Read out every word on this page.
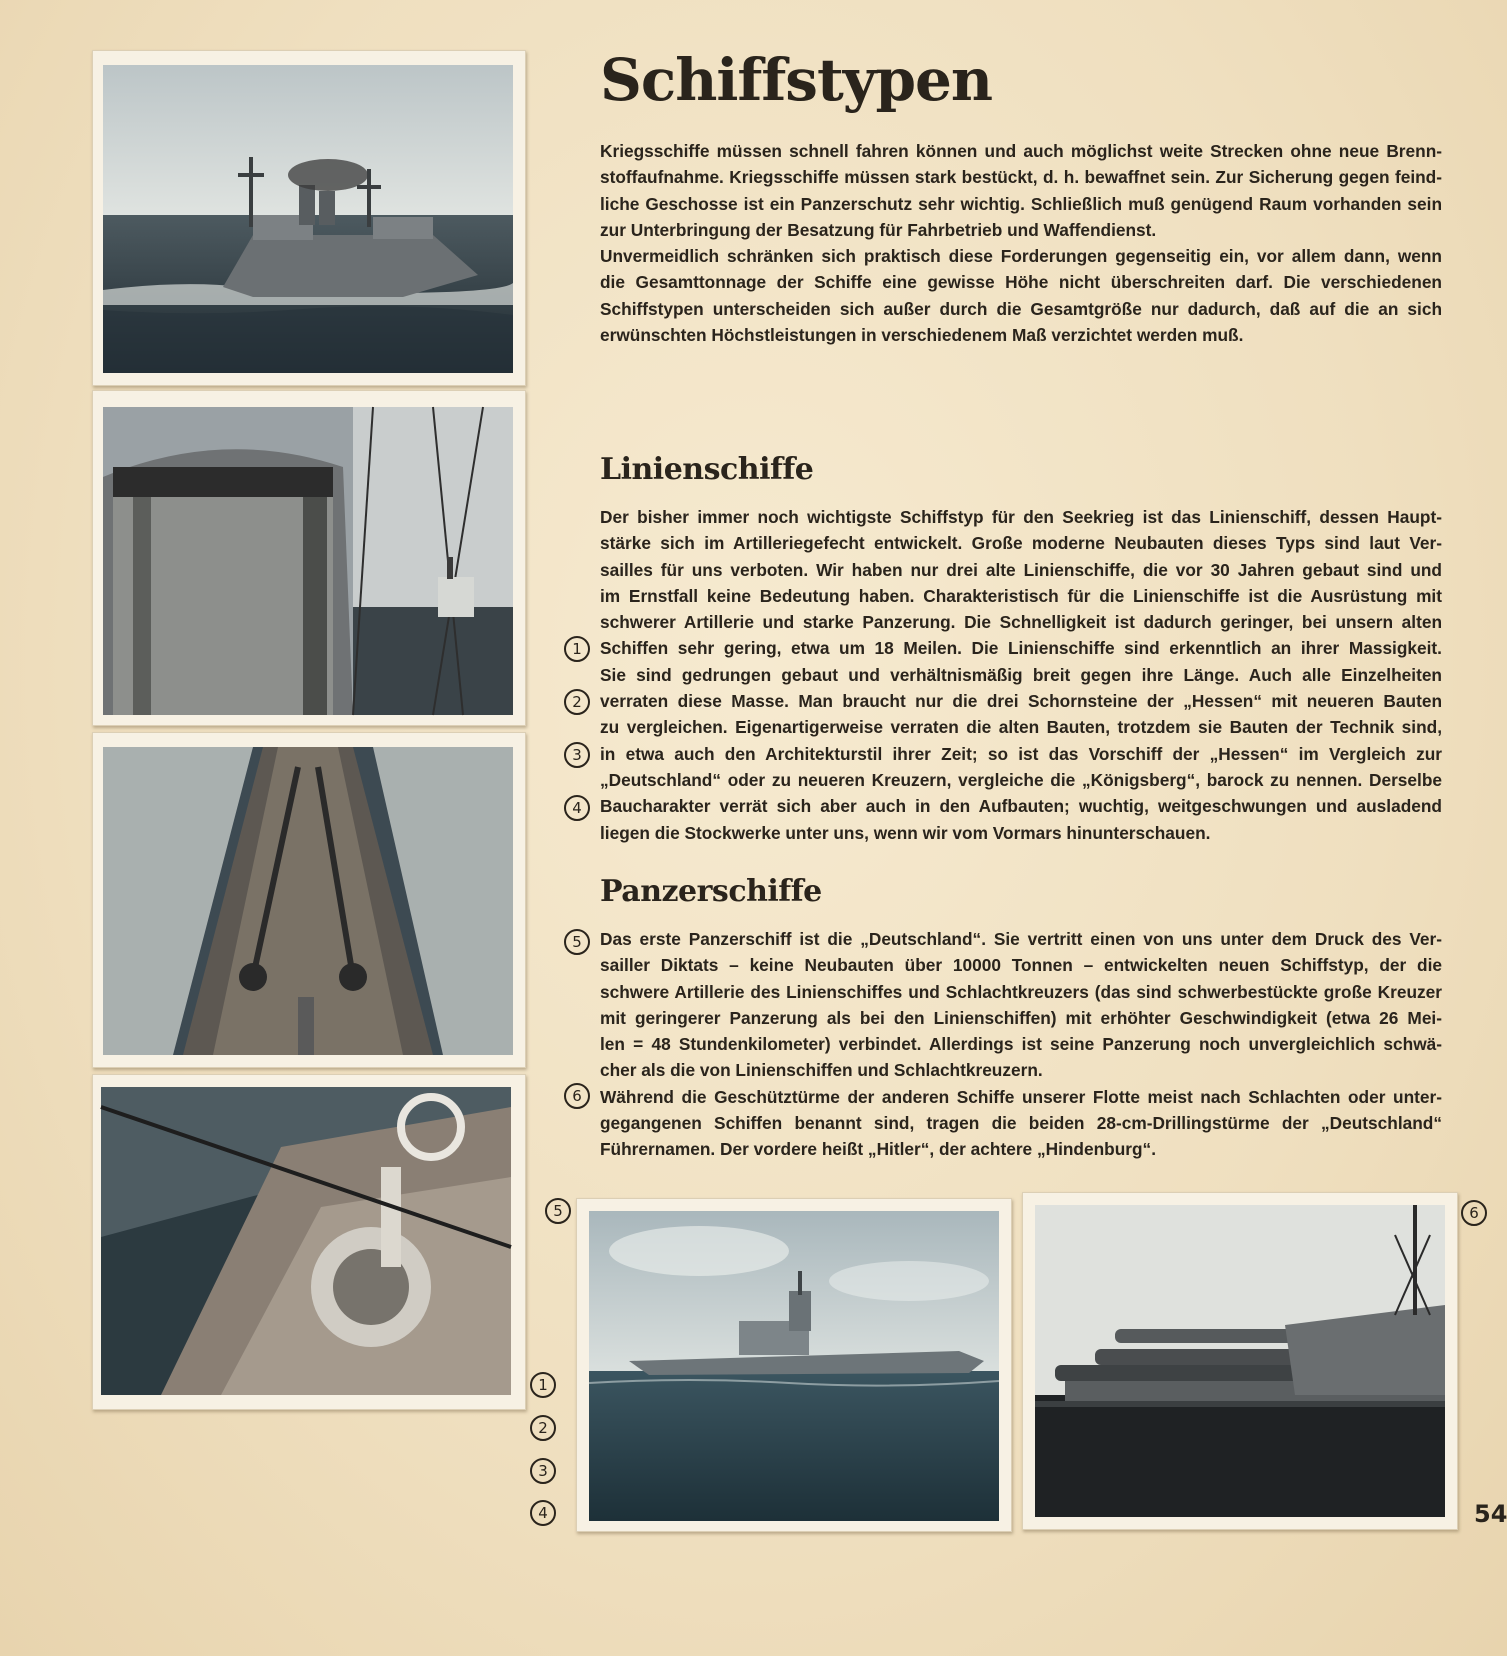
Schiffstypen
Kriegsschiffe müssen schnell fahren können und auch möglichst weite Strecken ohne neue Brenn-
stoffaufnahme. Kriegsschiffe müssen stark bestückt, d. h. bewaffnet sein. Zur Sicherung gegen feind-
liche Geschosse ist ein Panzerschutz sehr wichtig. Schließlich muß genügend Raum vorhanden sein
zur Unterbringung der Besatzung für Fahrbetrieb und Waffendienst.
Unvermeidlich schränken sich praktisch diese Forderungen gegenseitig ein, vor allem dann, wenn
die Gesamttonnage der Schiffe eine gewisse Höhe nicht überschreiten darf. Die verschiedenen
Schiffstypen unterscheiden sich außer durch die Gesamtgröße nur dadurch, daß auf die an sich
erwünschten Höchstleistungen in verschiedenem Maß verzichtet werden muß.
Linienschiffe
Der bisher immer noch wichtigste Schiffstyp für den Seekrieg ist das Linienschiff, dessen Haupt-
stärke sich im Artilleriegefecht entwickelt. Große moderne Neubauten dieses Typs sind laut Ver-
sailles für uns verboten. Wir haben nur drei alte Linienschiffe, die vor 30 Jahren gebaut sind und
im Ernstfall keine Bedeutung haben. Charakteristisch für die Linienschiffe ist die Ausrüstung mit
schwerer Artillerie und starke Panzerung. Die Schnelligkeit ist dadurch geringer, bei unsern alten
Schiffen sehr gering, etwa um 18 Meilen. Die Linienschiffe sind erkenntlich an ihrer Massigkeit.
Sie sind gedrungen gebaut und verhältnismäßig breit gegen ihre Länge. Auch alle Einzelheiten
verraten diese Masse. Man braucht nur die drei Schornsteine der „Hessen“ mit neueren Bauten
zu vergleichen. Eigenartigerweise verraten die alten Bauten, trotzdem sie Bauten der Technik sind,
in etwa auch den Architekturstil ihrer Zeit; so ist das Vorschiff der „Hessen“ im Vergleich zur
„Deutschland“ oder zu neueren Kreuzern, vergleiche die „Königsberg“, barock zu nennen. Derselbe
Baucharakter verrät sich aber auch in den Aufbauten; wuchtig, weitgeschwungen und ausladend
liegen die Stockwerke unter uns, wenn wir vom Vormars hinunterschauen.
Panzerschiffe
Das erste Panzerschiff ist die „Deutschland“. Sie vertritt einen von uns unter dem Druck des Ver-
sailler Diktats – keine Neubauten über 10000 Tonnen – entwickelten neuen Schiffstyp, der die
schwere Artillerie des Linienschiffes und Schlachtkreuzers (das sind schwerbestückte große Kreuzer
mit geringerer Panzerung als bei den Linienschiffen) mit erhöhter Geschwindigkeit (etwa 26 Mei-
len = 48 Stundenkilometer) verbindet. Allerdings ist seine Panzerung noch unvergleichlich schwä-
cher als die von Linienschiffen und Schlachtkreuzern.
Während die Geschütztürme der anderen Schiffe unserer Flotte meist nach Schlachten oder unter-
gegangenen Schiffen benannt sind, tragen die beiden 28-cm-Drillingstürme der „Deutschland“
Führernamen. Der vordere heißt „Hitler“, der achtere „Hindenburg“.
1
2
3
4
5
6
5	6
1
2
3
4	54
